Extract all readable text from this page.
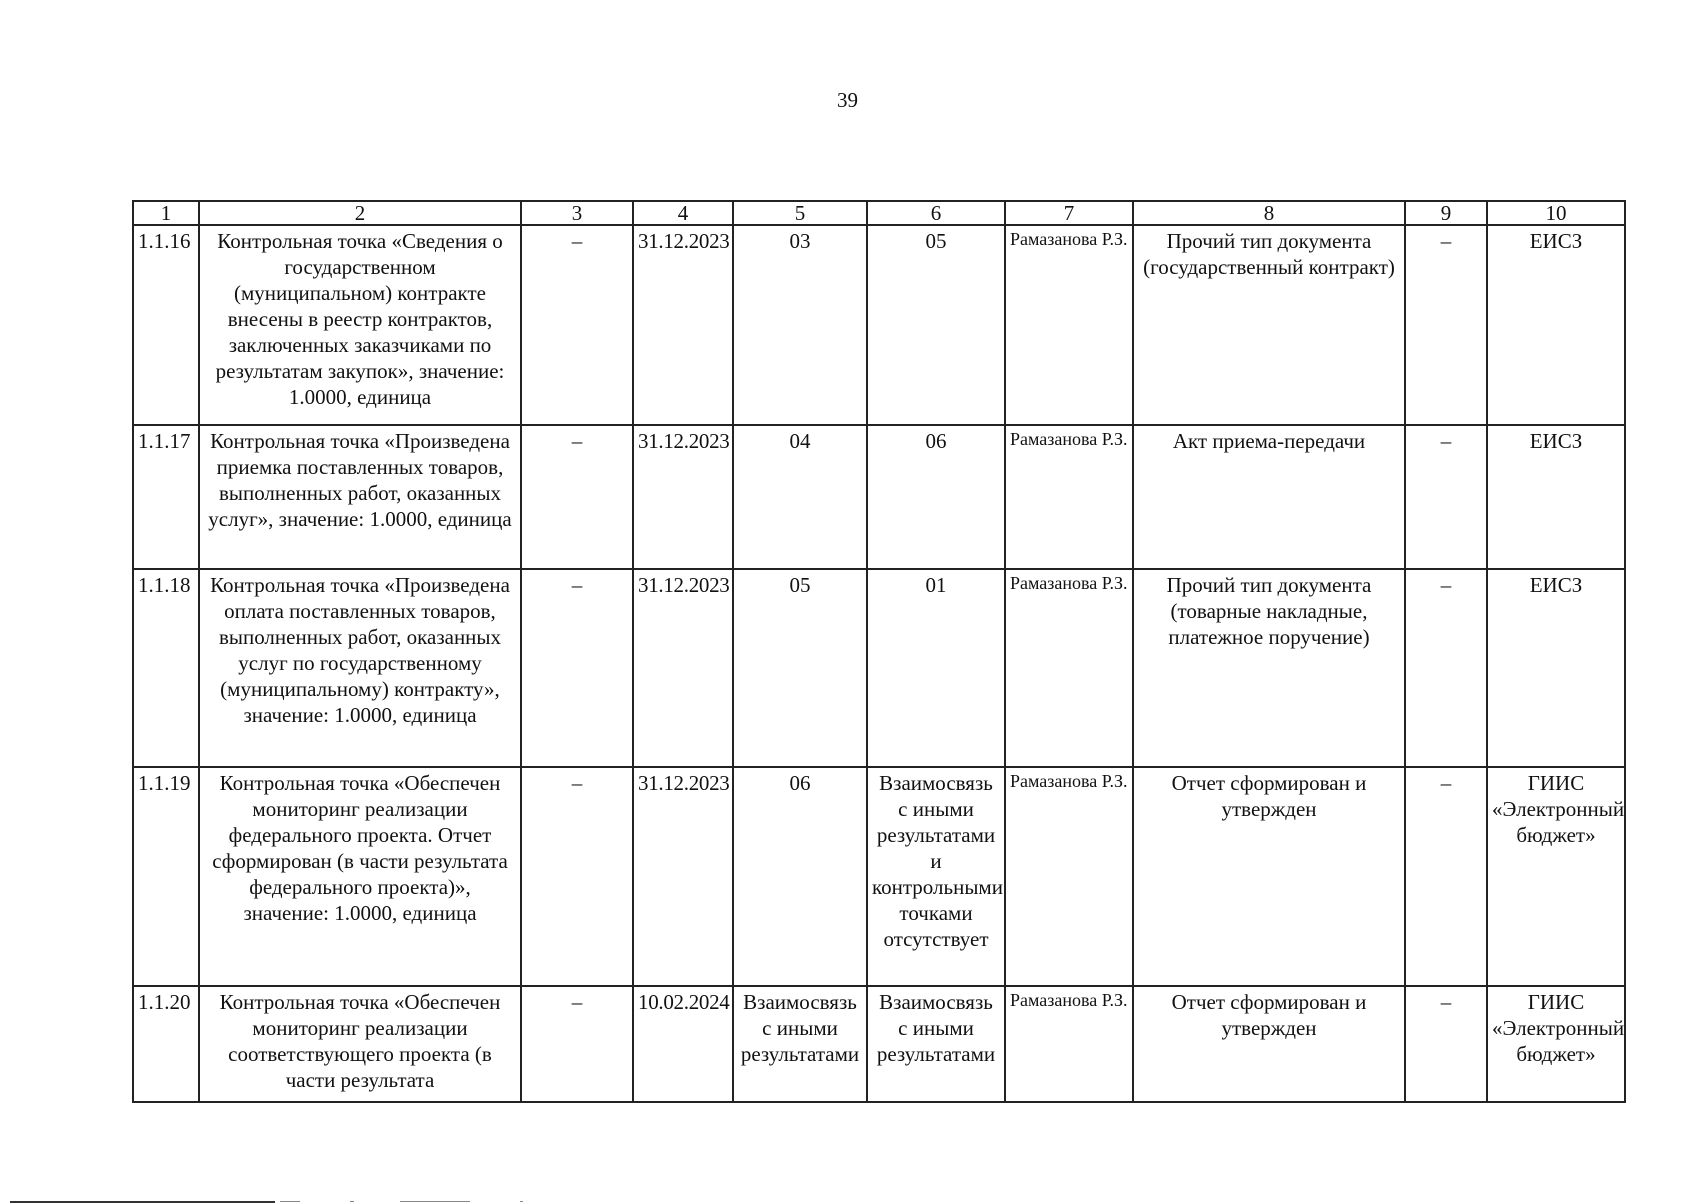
39
1	2	3	4	5	6	7	8	9	10
1.1.16	Контрольная точка «Сведения о государственном (муниципальном) контракте внесены в реестр контрактов, заключенных заказчиками по результатам закупок», значение: 1.0000, единица	–	31.12.2023	03	05	Рамазанова Р.З.	Прочий тип документа (государственный контракт)	–	ЕИСЗ
1.1.17	Контрольная точка «Произведена приемка поставленных товаров, выполненных работ, оказанных услуг», значение: 1.0000, единица	–	31.12.2023	04	06	Рамазанова Р.З.	Акт приема-передачи	–	ЕИСЗ
1.1.18	Контрольная точка «Произведена оплата поставленных товаров, выполненных работ, оказанных услуг по государственному (муниципальному) контракту», значение: 1.0000, единица	–	31.12.2023	05	01	Рамазанова Р.З.	Прочий тип документа (товарные накладные, платежное поручение)	–	ЕИСЗ
1.1.19	Контрольная точка «Обеспечен мониторинг реализации федерального проекта. Отчет сформирован (в части результата федерального проекта)», значение: 1.0000, единица	–	31.12.2023	06	Взаимосвязь с иными результатами и контрольными точками отсутствует	Рамазанова Р.З.	Отчет сформирован и утвержден	–	ГИИС «Электронный бюджет»
1.1.20	Контрольная точка «Обеспечен мониторинг реализации соответствующего проекта (в части результата	–	10.02.2024	Взаимосвязь с иными результатами	Взаимосвязь с иными результатами	Рамазанова Р.З.	Отчет сформирован и утвержден	–	ГИИС «Электронный бюджет»
